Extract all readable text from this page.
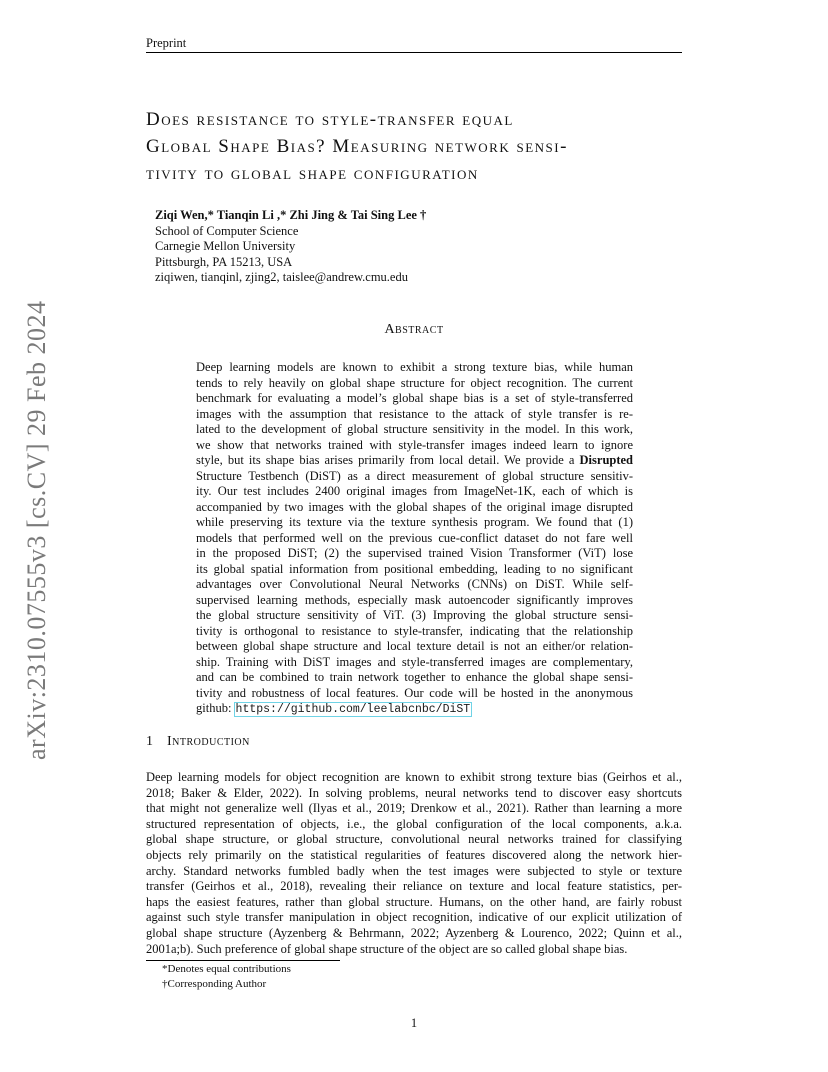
Preprint
arXiv:2310.07555v3 [cs.CV] 29 Feb 2024
Does resistance to style-transfer equal
Global Shape Bias? Measuring network sensi-
tivity to global shape configuration
Ziqi Wen,* Tianqin Li ,* Zhi Jing & Tai Sing Lee †
School of Computer Science
Carnegie Mellon University
Pittsburgh, PA 15213, USA
ziqiwen, tianqinl, zjing2, taislee@andrew.cmu.edu
Abstract
Deep learning models are known to exhibit a strong texture bias, while human
tends to rely heavily on global shape structure for object recognition. The current
benchmark for evaluating a model’s global shape bias is a set of style-transferred
images with the assumption that resistance to the attack of style transfer is re-
lated to the development of global structure sensitivity in the model. In this work,
we show that networks trained with style-transfer images indeed learn to ignore
style, but its shape bias arises primarily from local detail. We provide a Disrupted
Structure Testbench (DiST) as a direct measurement of global structure sensitiv-
ity. Our test includes 2400 original images from ImageNet-1K, each of which is
accompanied by two images with the global shapes of the original image disrupted
while preserving its texture via the texture synthesis program. We found that (1)
models that performed well on the previous cue-conflict dataset do not fare well
in the proposed DiST; (2) the supervised trained Vision Transformer (ViT) lose
its global spatial information from positional embedding, leading to no significant
advantages over Convolutional Neural Networks (CNNs) on DiST. While self-
supervised learning methods, especially mask autoencoder significantly improves
the global structure sensitivity of ViT. (3) Improving the global structure sensi-
tivity is orthogonal to resistance to style-transfer, indicating that the relationship
between global shape structure and local texture detail is not an either/or relation-
ship. Training with DiST images and style-transferred images are complementary,
and can be combined to train network together to enhance the global shape sensi-
tivity and robustness of local features. Our code will be hosted in the anonymous
github: https://github.com/leelabcnbc/DiST
1 Introduction
Deep learning models for object recognition are known to exhibit strong texture bias (Geirhos et al.,
2018; Baker & Elder, 2022). In solving problems, neural networks tend to discover easy shortcuts
that might not generalize well (Ilyas et al., 2019; Drenkow et al., 2021). Rather than learning a more
structured representation of objects, i.e., the global configuration of the local components, a.k.a.
global shape structure, or global structure, convolutional neural networks trained for classifying
objects rely primarily on the statistical regularities of features discovered along the network hier-
archy. Standard networks fumbled badly when the test images were subjected to style or texture
transfer (Geirhos et al., 2018), revealing their reliance on texture and local feature statistics, per-
haps the easiest features, rather than global structure. Humans, on the other hand, are fairly robust
against such style transfer manipulation in object recognition, indicative of our explicit utilization of
global shape structure (Ayzenberg & Behrmann, 2022; Ayzenberg & Lourenco, 2022; Quinn et al.,
2001a;b). Such preference of global shape structure of the object are so called global shape bias.
*Denotes equal contributions
†Corresponding Author
1
